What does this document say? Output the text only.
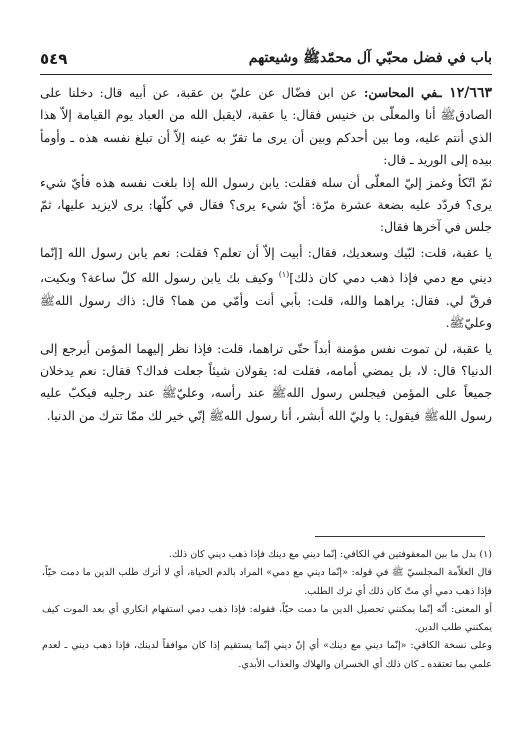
باب في فضل محبّي آل محمّدﷺ وشيعتهم
٥٤٩

١٢/٦٦٣ ـفي المحاسن: عن ابن فضّال عن عليّ بن عقبة، عن أبيه قال: دخلنا على الصادقﷺ أنا والمعلّى بن خنيس فقال: يا عقبة، لايقبل الله من العباد يوم القيامة إلاّ هذا الذي أنتم عليه، وما بين أحدكم وبين أن يرى ما تقرّ به عينه إلاّ أن تبلغ نفسه هذه ـ وأومأ بيده إلى الوريد ـ قال:

ثمّ اتّكأ وغمز إليّ المعلّى أن سله فقلت: يابن رسول الله إذا بلغت نفسه هذه فأيّ شيء يرى؟ فردّد عليه بضعة عشرة مرّة: أيّ شيء يرى؟ فقال في كلّها: يرى لايزيد عليها، ثمّ جلس في آخرها فقال:

يا عقبة، قلت: لبّيك وسعديك، فقال: أبيت إلاّ أن تعلم؟ فقلت: نعم يابن رسول الله [إنّما ديني مع دمي فإذا ذهب دمي كان ذلك]$^{(١)}$ وكيف بك يابن رسول الله كلّ ساعة؟ وبكيت، فرقّ لي. فقال: يراهما والله، قلت: بأبي أنت وأمّي من هما؟ قال: ذاك رسول اللهﷺ وعليّﷺ.

يا عقبة، لن تموت نفس مؤمنة أبداً حتّى تراهما، قلت: فإذا نظر إليهما المؤمن أيرجع إلى الدنيا؟ قال: لا، بل يمضي أمامه، فقلت له: يقولان شيئاً جعلت فداك؟ فقال: نعم يدخلان جميعاً على المؤمن فيجلس رسول اللهﷺ عند رأسه، وعليّﷺ عند رجليه فيكبّ عليه رسول اللهﷺ فيقول: يا وليّ الله أبشر، أنا رسول اللهﷺ إنّي خير لك ممّا تترك من الدنيا.

(١) بدل ما بين المعقوفتين في الكافي: إنّما ديني مع دينك فإذا ذهب ديني كان ذلك.

قال العلاّمة المجلسيّ ﷺ في قوله: «إنّما ديني مع دمي» المراد بالدم الحياة، أي لا أترك طلب الدين ما دمت حيّاً، فإذا ذهب دمي أي متّ كان ذلك أي ترك الطلب.

أو المعنى: أنّه إنّما يمكنني تحصيل الدين ما دمت حيّاً، فقوله: فإذا ذهب دمي استفهام انكاري أي بعد الموت كيف يمكنني طلب الدين.

وعلى نسخة الكافي: «إنّما ديني مع دينك» أي إنّ ديني إنّما يستقيم إذا كان موافقاً لدينك، فإذا ذهب ديني ـ لعدم علمي بما تعتقده ـ كان ذلك أي الخسران والهلاك والعذاب الأبدي.
